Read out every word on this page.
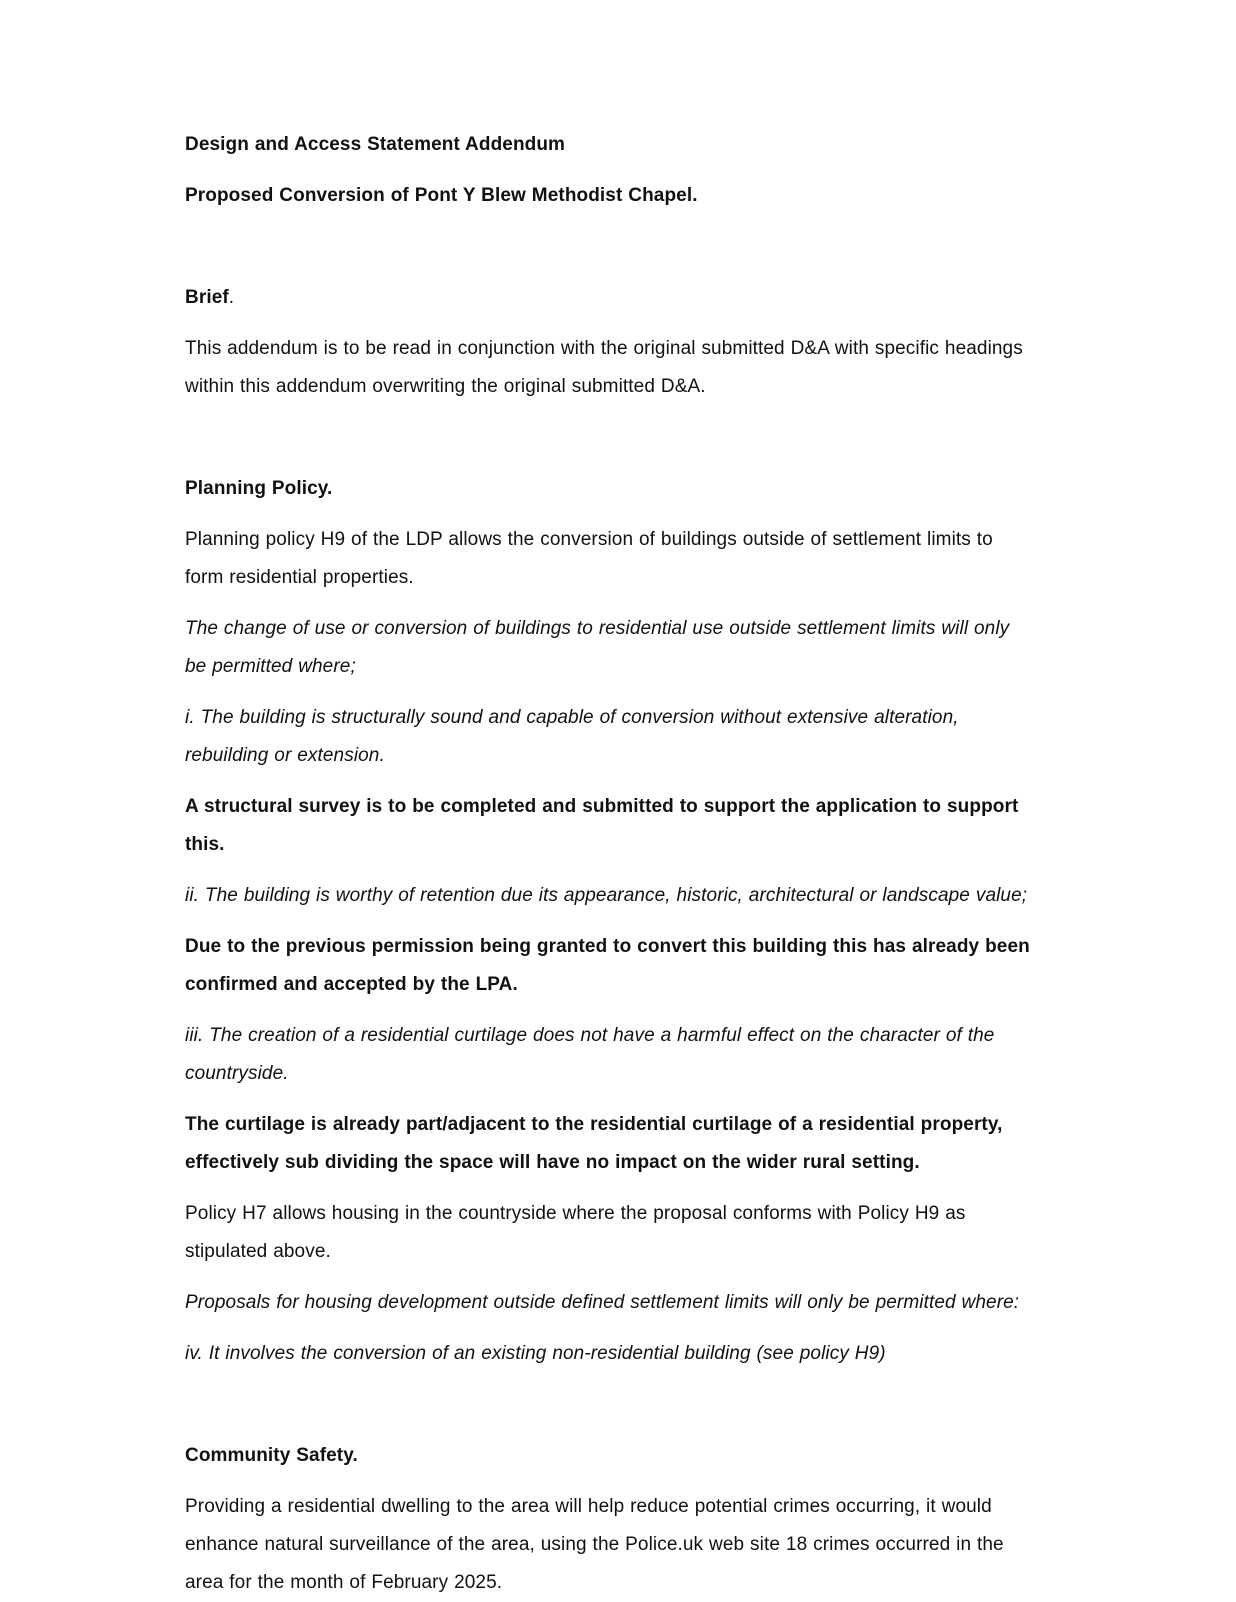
Design and Access Statement Addendum

Proposed Conversion of Pont Y Blew Methodist Chapel.

Brief.

This addendum is to be read in conjunction with the original submitted D&A with specific headings within this addendum overwriting the original submitted D&A.

Planning Policy.

Planning policy H9 of the LDP allows the conversion of buildings outside of settlement limits to form residential properties.

The change of use or conversion of buildings to residential use outside settlement limits will only be permitted where;

i. The building is structurally sound and capable of conversion without extensive alteration, rebuilding or extension.

A structural survey is to be completed and submitted to support the application to support this.

ii. The building is worthy of retention due its appearance, historic, architectural or landscape value;

Due to the previous permission being granted to convert this building this has already been confirmed and accepted by the LPA.

iii. The creation of a residential curtilage does not have a harmful effect on the character of the countryside.

The curtilage is already part/adjacent to the residential curtilage of a residential property, effectively sub dividing the space will have no impact on the wider rural setting.

Policy H7 allows housing in the countryside where the proposal conforms with Policy H9 as stipulated above.

Proposals for housing development outside defined settlement limits will only be permitted where:

iv. It involves the conversion of an existing non-residential building (see policy H9)

Community Safety.

Providing a residential dwelling to the area will help reduce potential crimes occurring, it would enhance natural surveillance of the area, using the Police.uk web site 18 crimes occurred in the area for the month of February 2025.
